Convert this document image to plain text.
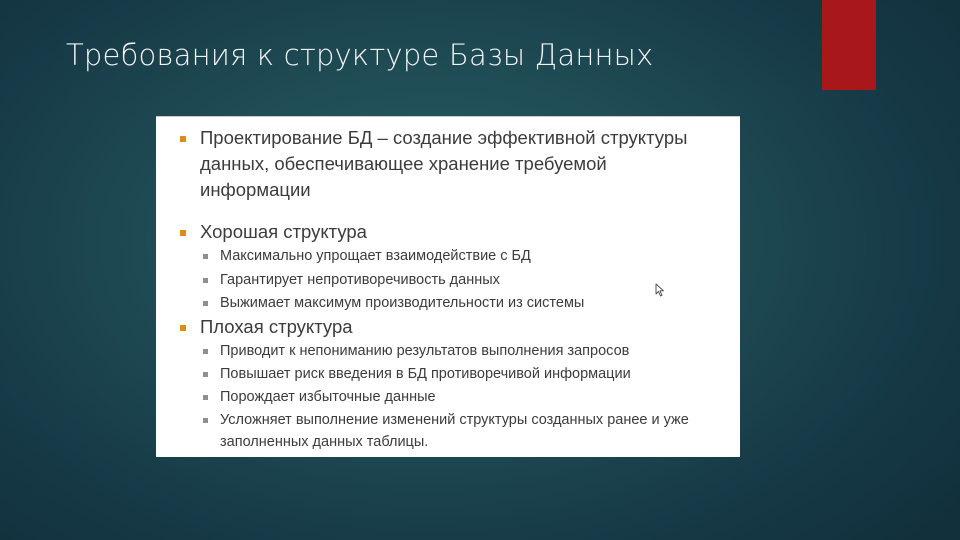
Требования к структуре Базы Данных
Проектирование БД – создание эффективной структуры данных, обеспечивающее хранение требуемой информации
Хорошая структура
Максимально упрощает взаимодействие с БД
Гарантирует непротиворечивость данных
Выжимает максимум производительности из системы
Плохая структура
Приводит к непониманию результатов выполнения запросов
Повышает риск введения в БД противоречивой информации
Порождает избыточные данные
Усложняет выполнение изменений структуры созданных ранее и уже заполненных данных таблицы.
